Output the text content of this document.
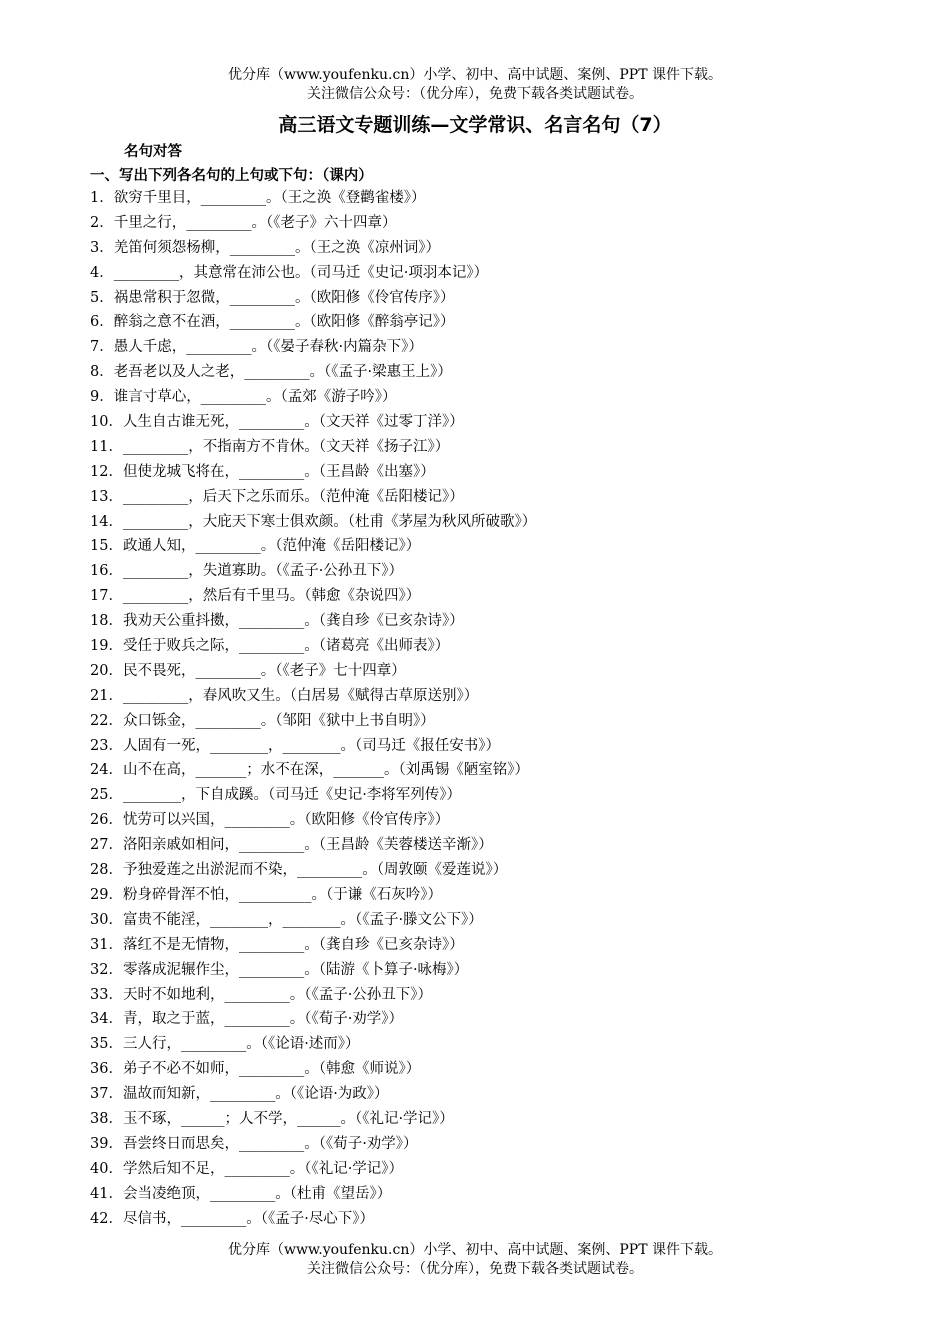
优分库（www.youfenku.cn）小学、初中、高中试题、案例、PPT 课件下载。
关注微信公众号：（优分库），免费下载各类试题试卷。
高三语文专题训练—文学常识、名言名句（7）
名句对答
一、写出下列各名句的上句或下句：（课内）
1．欲穷千里目，_________。（王之涣《登鹳雀楼》）
2．千里之行，_________。（《老子》六十四章）
3．羌笛何须怨杨柳，_________。（王之涣《凉州词》）
4．_________，其意常在沛公也。（司马迁《史记·项羽本记》）
5．祸患常积于忽微，_________。（欧阳修《伶官传序》）
6．醉翁之意不在酒，_________。（欧阳修《醉翁亭记》）
7．愚人千虑，_________。（《晏子春秋·内篇杂下》）
8．老吾老以及人之老，_________。（《孟子·梁惠王上》）
9．谁言寸草心，_________。（孟郊《游子吟》）
10．人生自古谁无死，_________。（文天祥《过零丁洋》）
11．_________，不指南方不肯休。（文天祥《扬子江》）
12．但使龙城飞将在，_________。（王昌龄《出塞》）
13．_________，后天下之乐而乐。（范仲淹《岳阳楼记》）
14．_________，大庇天下寒士俱欢颜。（杜甫《茅屋为秋风所破歌》）
15．政通人知，_________。（范仲淹《岳阳楼记》）
16．_________，失道寡助。（《孟子·公孙丑下》）
17．_________，然后有千里马。（韩愈《杂说四》）
18．我劝天公重抖擞，_________。（龚自珍《已亥杂诗》）
19．受任于败兵之际，_________。（诸葛亮《出师表》）
20．民不畏死，_________。（《老子》七十四章）
21．_________，春风吹又生。（白居易《赋得古草原送别》）
22．众口铄金，_________。（邹阳《狱中上书自明》）
23．人固有一死，________，________。（司马迁《报任安书》）
24．山不在高，_______；水不在深，_______。（刘禹锡《陋室铭》）
25．________，下自成蹊。（司马迁《史记·李将军列传》）
26．忧劳可以兴国，_________。（欧阳修《伶官传序》）
27．洛阳亲戚如相问，_________。（王昌龄《芙蓉楼送辛渐》）
28．予独爱莲之出淤泥而不染，_________。（周敦颐《爱莲说》）
29．粉身碎骨浑不怕，__________。（于谦《石灰吟》）
30．富贵不能淫，________，________。（《孟子·滕文公下》）
31．落红不是无情物，_________。（龚自珍《已亥杂诗》）
32．零落成泥辗作尘，_________。（陆游《卜算子·咏梅》）
33．天时不如地利，_________。（《孟子·公孙丑下》）
34．青，取之于蓝，_________。（《荀子·劝学》）
35．三人行，_________。（《论语·述而》）
36．弟子不必不如师，_________。（韩愈《师说》）
37．温故而知新，_________。（《论语·为政》）
38．玉不琢，______；人不学，______。（《礼记·学记》）
39．吾尝终日而思矣，_________。（《荀子·劝学》）
40．学然后知不足，_________。（《礼记·学记》）
41．会当凌绝顶，_________。（杜甫《望岳》）
42．尽信书，_________。（《孟子·尽心下》）
优分库（www.youfenku.cn）小学、初中、高中试题、案例、PPT 课件下载。
关注微信公众号：（优分库），免费下载各类试题试卷。
